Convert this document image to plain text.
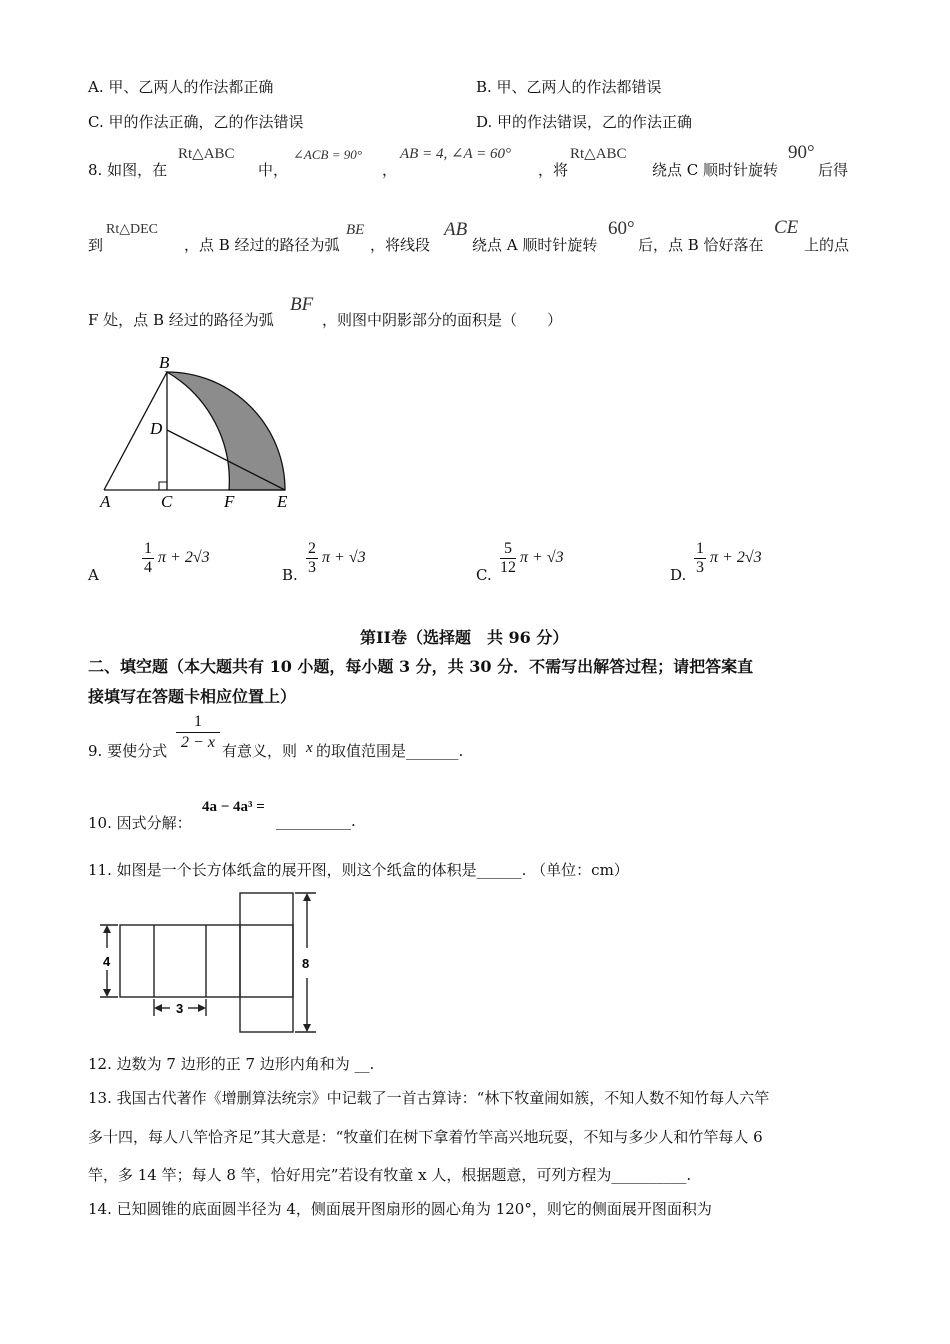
A. 甲、乙两人的作法都正确	B. 甲、乙两人的作法都错误
C. 甲的作法正确，乙的作法错误	D. 甲的作法错误，乙的作法正确
8. 如图，在
Rt△ABC
中，
∠ACB = 90°
，
AB = 4, ∠A = 60°
，将
Rt△ABC
绕点 C 顺时针旋转
90°
后得
到
Rt△DEC
，点 B 经过的路径为弧
BE
，将线段
AB
绕点 A 顺时针旋转
60°
后，点 B 恰好落在
CE
上的点
F 处，点 B 经过的路径为弧
BF
，则图中阴影部分的面积是（　　）
B
D
A	C	F	E
A	$\frac{1}{4}$ π + 2√3
B. $\frac{2}{3}$ π + √3
C. $\frac{5}{12}$ π + √3
D. $\frac{1}{3}$ π + 2√3
第II卷（选择题　共 96 分）
二、填空题（本大题共有 10 小题，每小题 3 分，共 30 分．不需写出解答过程；请把答案直
接填写在答题卡相应位置上）
9. 要使分式 $\frac{1}{2 - x}$ 有意义，则 x 的取值范围是_______.
10. 因式分解：
4a − 4a³ =
__________.
11. 如图是一个长方体纸盒的展开图，则这个纸盒的体积是______. （单位：cm）
4
3
8
12. 边数为 7 边形的正 7 边形内角和为 __.
13. 我国古代著作《增删算法统宗》中记载了一首古算诗：“林下牧童闹如簇，不知人数不知竹每人六竿
多十四，每人八竿恰齐足”其大意是：“牧童们在树下拿着竹竿高兴地玩耍，不知与多少人和竹竿每人 6
竿，多 14 竿；每人 8 竿，恰好用完”若设有牧童 x 人，根据题意，可列方程为__________.
14. 已知圆锥的底面圆半径为 4，侧面展开图扇形的圆心角为 120°，则它的侧面展开图面积为
